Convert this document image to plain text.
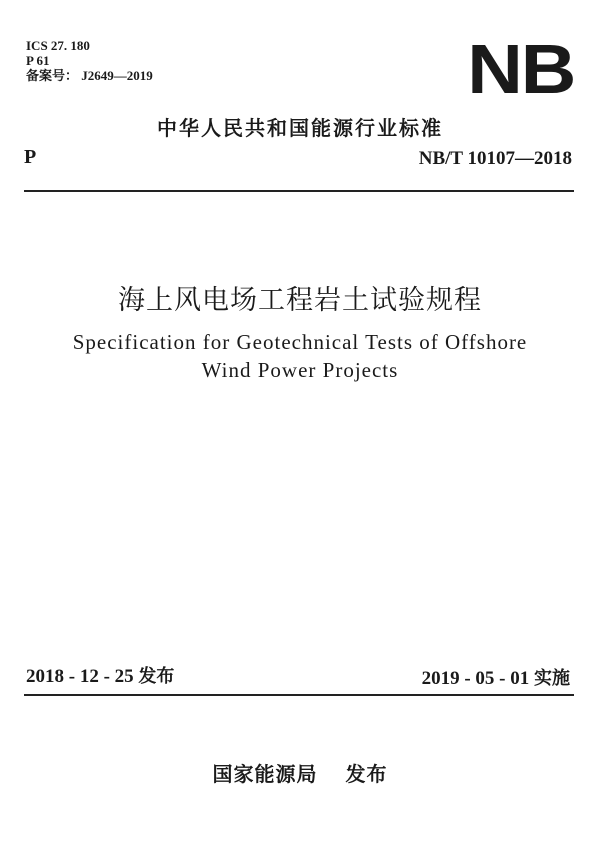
ICS 27. 180
P 61
备案号： J2649—2019	NB
中华人民共和国能源行业标准
P	NB/T 10107—2018
海上风电场工程岩土试验规程
Specification for Geotechnical Tests of Offshore
Wind Power Projects
2018 - 12 - 25 发布	2019 - 05 - 01 实施
国家能源局 发布
